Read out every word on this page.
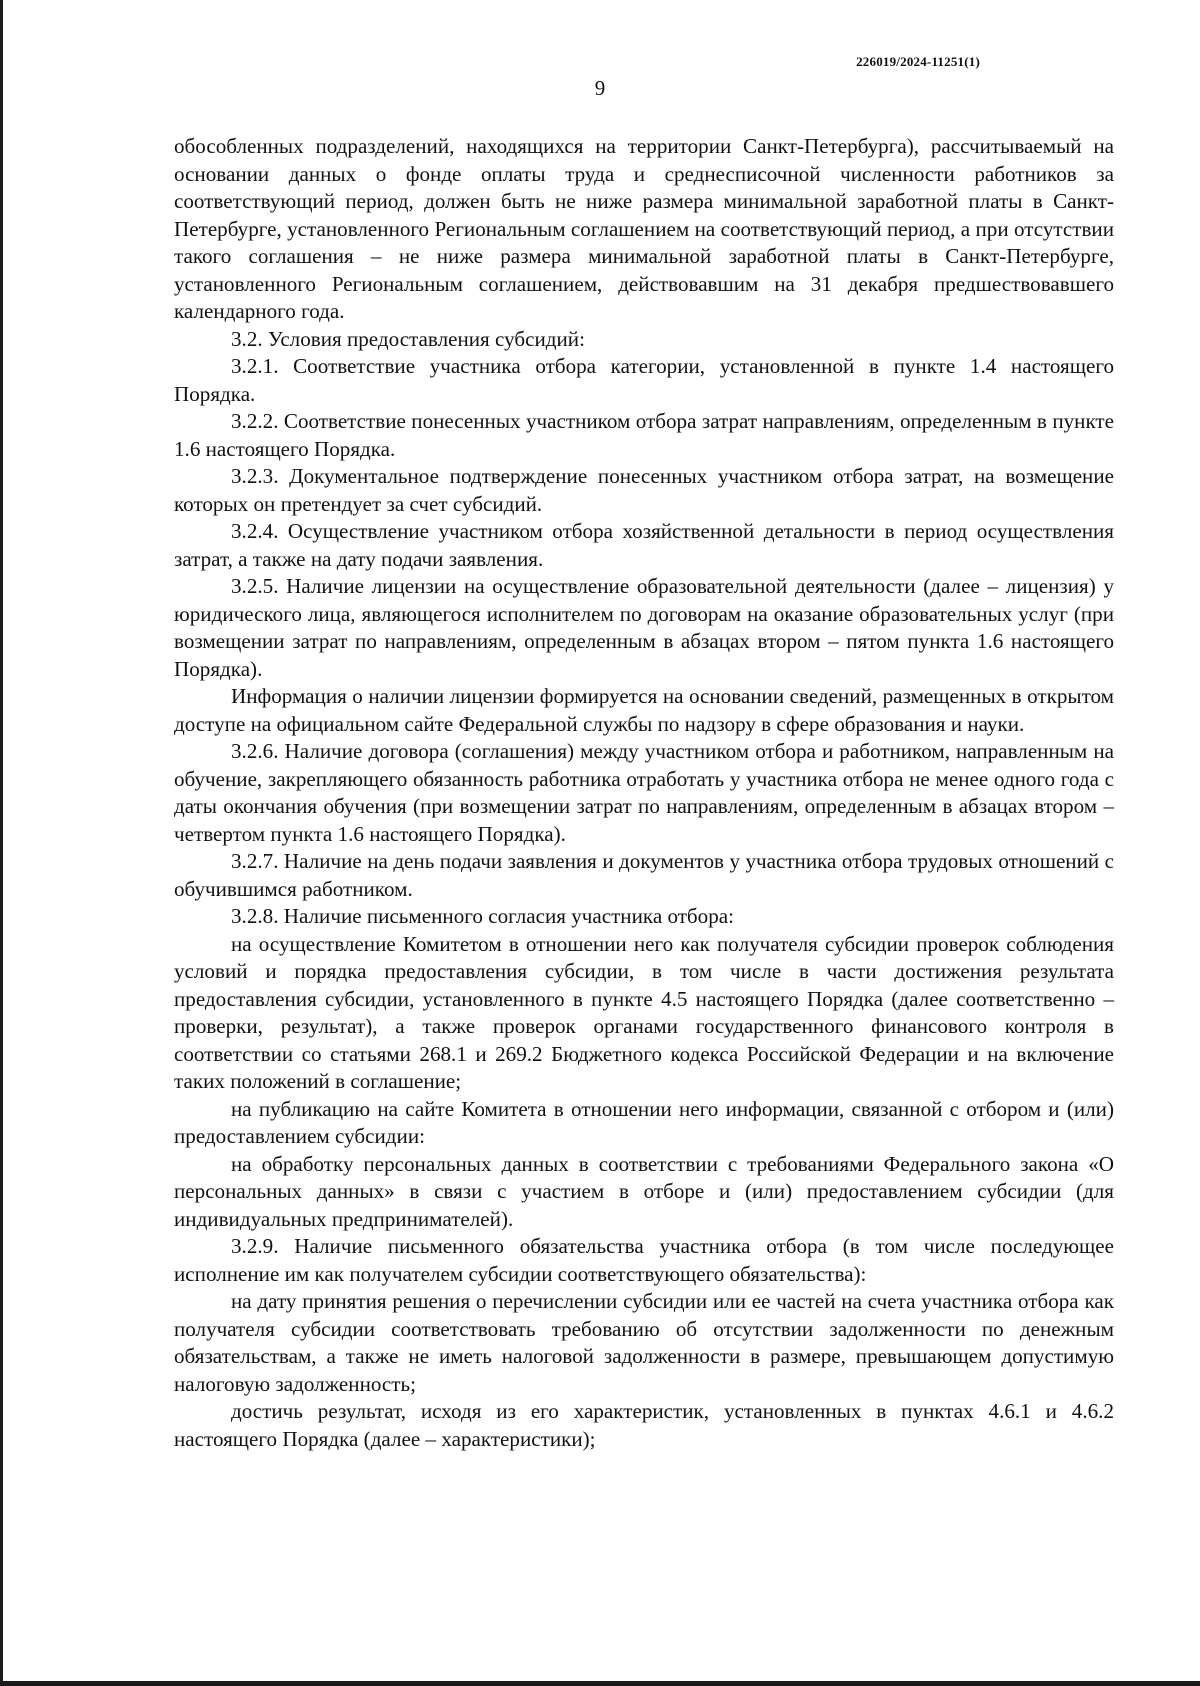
226019/2024-11251(1)
9

обособленных подразделений, находящихся на территории Санкт-Петербурга), рассчитываемый на основании данных о фонде оплаты труда и среднесписочной численности работников за соответствующий период, должен быть не ниже размера минимальной заработной платы в Санкт-Петербурге, установленного Региональным соглашением на соответствующий период, а при отсутствии такого соглашения – не ниже размера минимальной заработной платы в Санкт-Петербурге, установленного Региональным соглашением, действовавшим на 31 декабря предшествовавшего календарного года.

3.2. Условия предоставления субсидий:

3.2.1. Соответствие участника отбора категории, установленной в пункте 1.4 настоящего Порядка.

3.2.2. Соответствие понесенных участником отбора затрат направлениям, определенным в пункте 1.6 настоящего Порядка.

3.2.3. Документальное подтверждение понесенных участником отбора затрат, на возмещение которых он претендует за счет субсидий.

3.2.4. Осуществление участником отбора хозяйственной детальности в период осуществления затрат, а также на дату подачи заявления.

3.2.5. Наличие лицензии на осуществление образовательной деятельности (далее – лицензия) у юридического лица, являющегося исполнителем по договорам на оказание образовательных услуг (при возмещении затрат по направлениям, определенным в абзацах втором – пятом пункта 1.6 настоящего Порядка).

Информация о наличии лицензии формируется на основании сведений, размещенных в открытом доступе на официальном сайте Федеральной службы по надзору в сфере образования и науки.

3.2.6. Наличие договора (соглашения) между участником отбора и работником, направленным на обучение, закрепляющего обязанность работника отработать у участника отбора не менее одного года с даты окончания обучения (при возмещении затрат по направлениям, определенным в абзацах втором – четвертом пункта 1.6 настоящего Порядка).

3.2.7. Наличие на день подачи заявления и документов у участника отбора трудовых отношений с обучившимся работником.

3.2.8. Наличие письменного согласия участника отбора:

на осуществление Комитетом в отношении него как получателя субсидии проверок соблюдения условий и порядка предоставления субсидии, в том числе в части достижения результата предоставления субсидии, установленного в пункте 4.5 настоящего Порядка (далее соответственно – проверки, результат), а также проверок органами государственного финансового контроля в соответствии со статьями 268.1 и 269.2 Бюджетного кодекса Российской Федерации и на включение таких положений в соглашение;

на публикацию на сайте Комитета в отношении него информации, связанной с отбором и (или) предоставлением субсидии:

на обработку персональных данных в соответствии с требованиями Федерального закона «О персональных данных» в связи с участием в отборе и (или) предоставлением субсидии (для индивидуальных предпринимателей).

3.2.9. Наличие письменного обязательства участника отбора (в том числе последующее исполнение им как получателем субсидии соответствующего обязательства):

на дату принятия решения о перечислении субсидии или ее частей на счета участника отбора как получателя субсидии соответствовать требованию об отсутствии задолженности по денежным обязательствам, а также не иметь налоговой задолженности в размере, превышающем допустимую налоговую задолженность;

достичь результат, исходя из его характеристик, установленных в пунктах 4.6.1 и 4.6.2 настоящего Порядка (далее – характеристики);
